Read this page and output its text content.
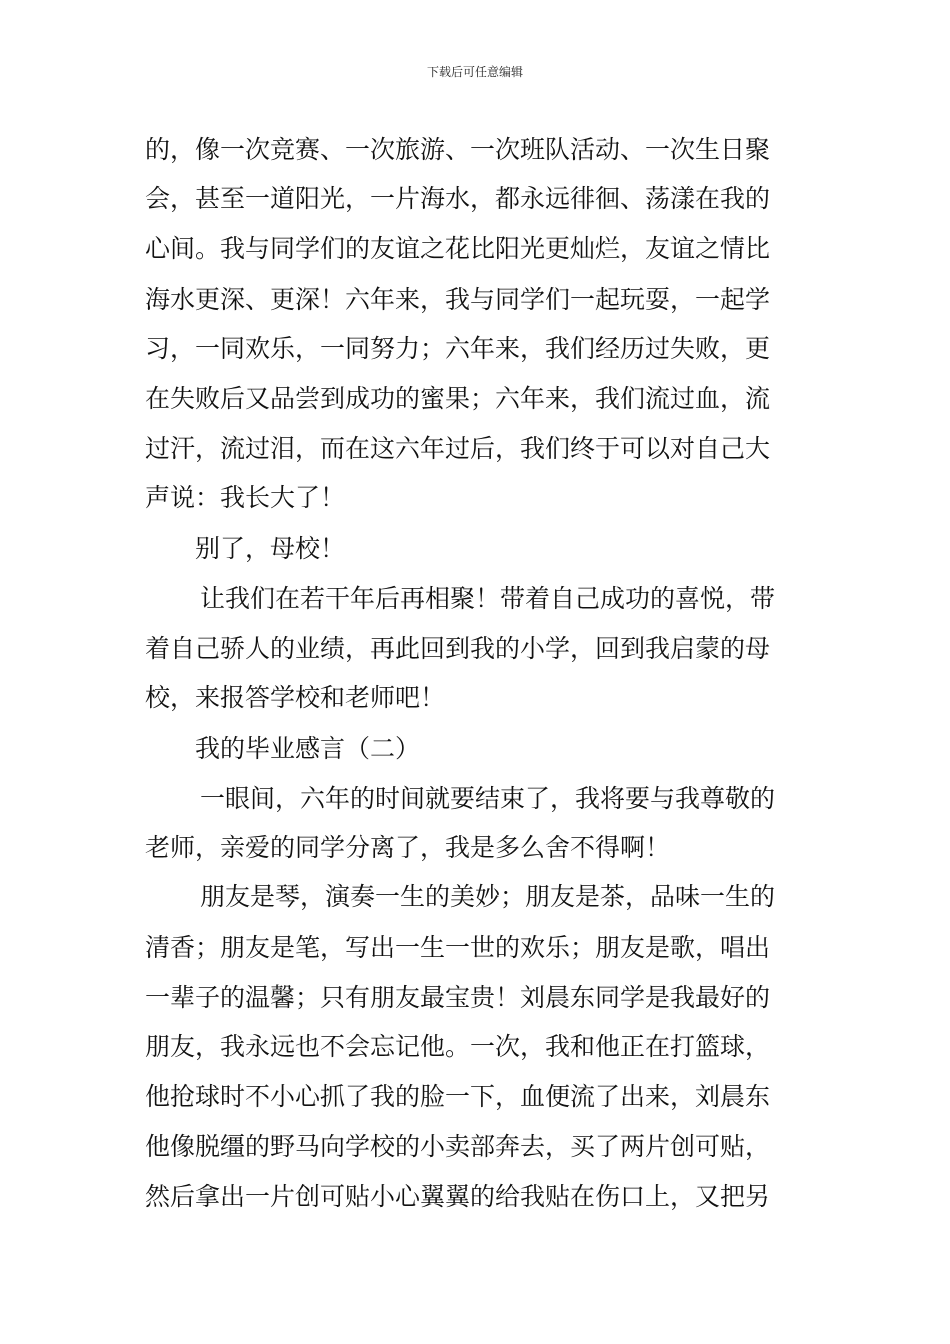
下载后可任意编辑
的，像一次竞赛、一次旅游、一次班队活动、一次生日聚
会，甚至一道阳光，一片海水，都永远徘徊、荡漾在我的
心间。我与同学们的友谊之花比阳光更灿烂，友谊之情比
海水更深、更深！六年来，我与同学们一起玩耍，一起学
习，一同欢乐，一同努力；六年来，我们经历过失败，更
在失败后又品尝到成功的蜜果；六年来，我们流过血，流
过汗，流过泪，而在这六年过后，我们终于可以对自己大
声说：我长大了！
别了，母校！
让我们在若干年后再相聚！带着自己成功的喜悦，带
着自己骄人的业绩，再此回到我的小学，回到我启蒙的母
校，来报答学校和老师吧！
我的毕业感言（二）
一眼间，六年的时间就要结束了，我将要与我尊敬的
老师，亲爱的同学分离了，我是多么舍不得啊！
朋友是琴，演奏一生的美妙；朋友是茶，品味一生的
清香；朋友是笔，写出一生一世的欢乐；朋友是歌，唱出
一辈子的温馨；只有朋友最宝贵！刘晨东同学是我最好的
朋友，我永远也不会忘记他。一次，我和他正在打篮球，
他抢球时不小心抓了我的脸一下，血便流了出来，刘晨东
他像脱缰的野马向学校的小卖部奔去，买了两片创可贴，
然后拿出一片创可贴小心翼翼的给我贴在伤口上，又把另
